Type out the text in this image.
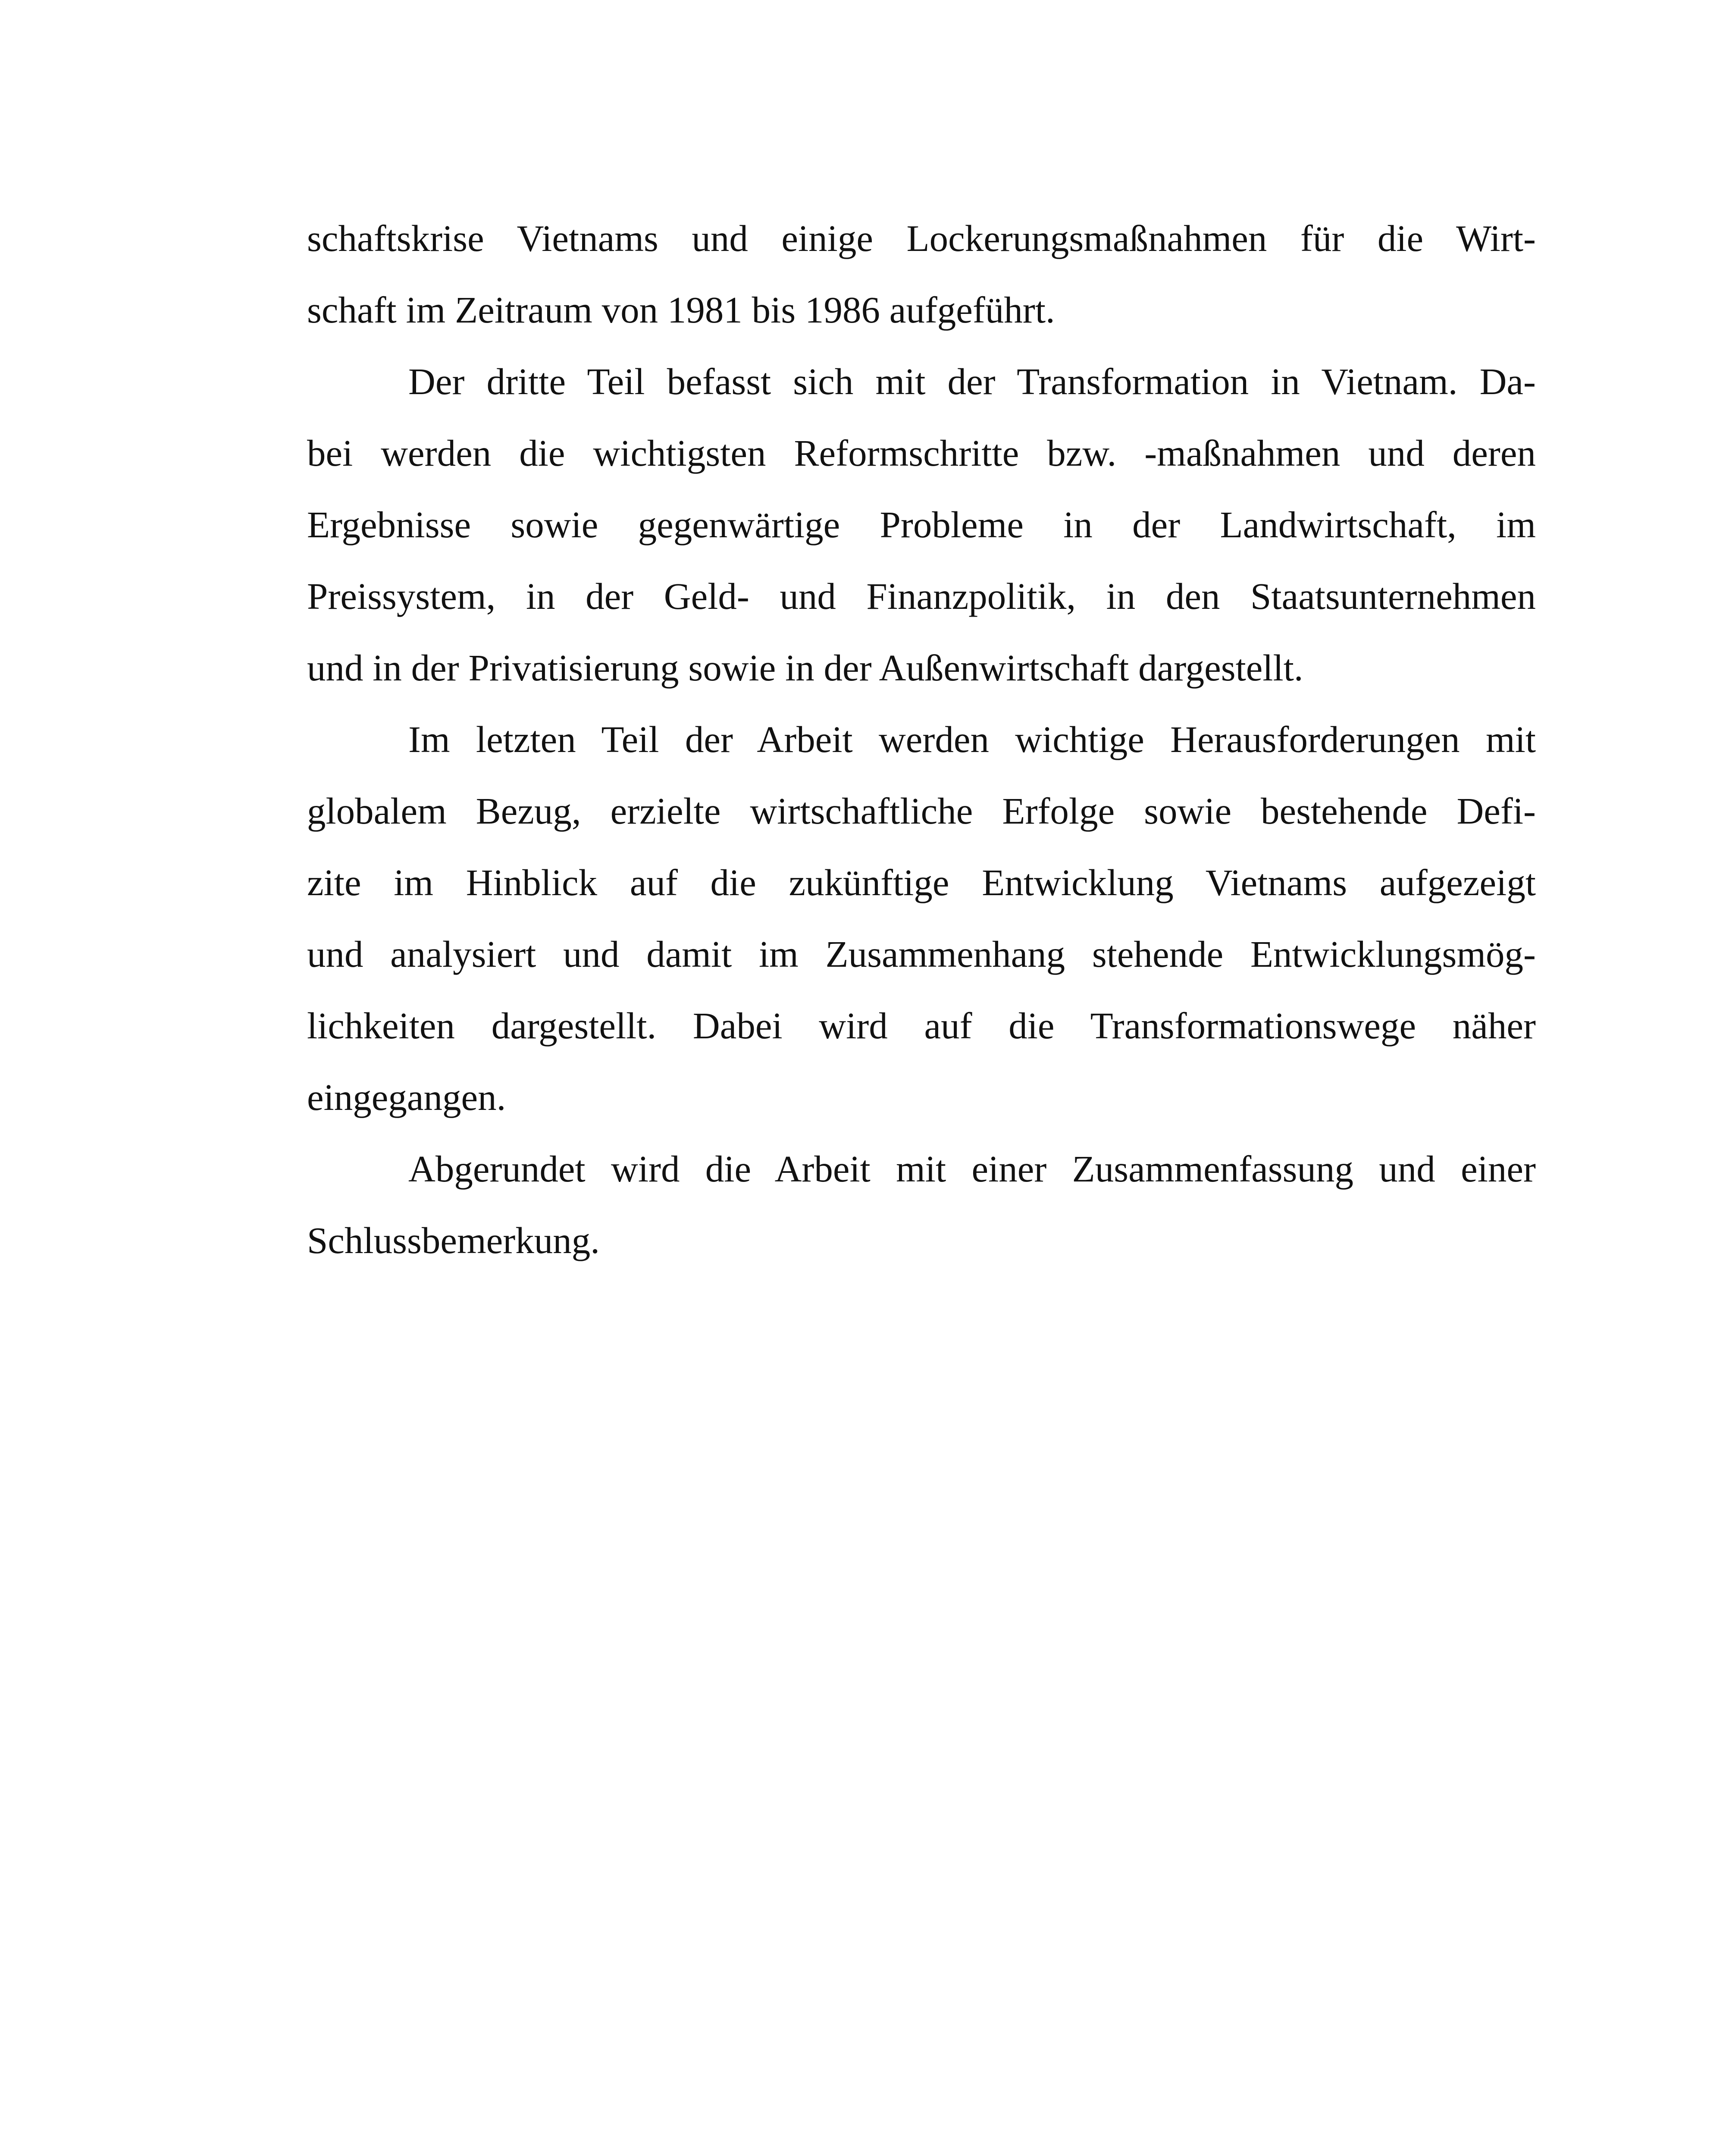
schaftskrise Vietnams und einige Lockerungsmaßnahmen für die Wirt-
schaft im Zeitraum von 1981 bis 1986 aufgeführt.
Der dritte Teil befasst sich mit der Transformation in Vietnam. Da-
bei werden die wichtigsten Reformschritte bzw. -maßnahmen und deren
Ergebnisse sowie gegenwärtige Probleme in der Landwirtschaft, im
Preissystem, in der Geld- und Finanzpolitik, in den Staatsunternehmen
und in der Privatisierung sowie in der Außenwirtschaft dargestellt.
Im letzten Teil der Arbeit werden wichtige Herausforderungen mit
globalem Bezug, erzielte wirtschaftliche Erfolge sowie bestehende Defi-
zite im Hinblick auf die zukünftige Entwicklung Vietnams aufgezeigt
und analysiert und damit im Zusammenhang stehende Entwicklungsmög-
lichkeiten dargestellt. Dabei wird auf die Transformationswege näher
eingegangen.
Abgerundet wird die Arbeit mit einer Zusammenfassung und einer
Schlussbemerkung.
